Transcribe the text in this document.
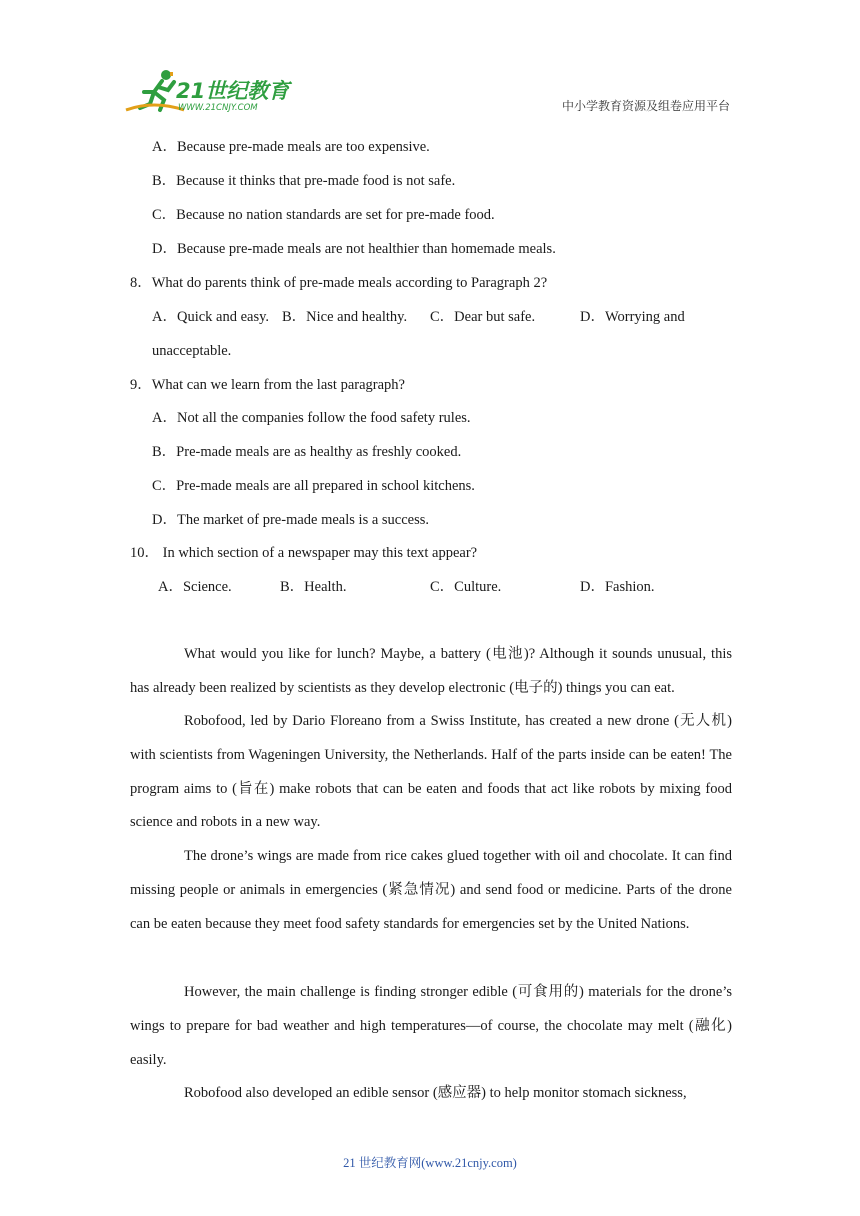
21世纪教育
WWW.21CNJY.COM	中小学教育资源及组卷应用平台
A．Because pre-made meals are too expensive.
B．Because it thinks that pre-made food is not safe.
C．Because no nation standards are set for pre-made food.
D．Because pre-made meals are not healthier than homemade meals.
8．What do parents think of pre-made meals according to Paragraph 2?
A．Quick and easy. B．Nice and healthy. C．Dear but safe.	D．Worrying and
unacceptable.
9．What can we learn from the last paragraph?
A．Not all the companies follow the food safety rules.
B．Pre-made meals are as healthy as freshly cooked.
C．Pre-made meals are all prepared in school kitchens.
D．The market of pre-made meals is a success.
10． In which section of a newspaper may this text appear?
A．Science.	B．Health.	C．Culture.	D．Fashion.

What would you like for lunch? Maybe, a battery (电池)? Although it sounds unusual, this has already been realized by scientists as they develop electronic (电子的) things you can eat.

Robofood, led by Dario Floreano from a Swiss Institute, has created a new drone (无人机) with scientists from Wageningen University, the Netherlands. Half of the parts inside can be eaten! The program aims to (旨在) make robots that can be eaten and foods that act like robots by mixing food science and robots in a new way.

The drone’s wings are made from rice cakes glued together with oil and chocolate. It can find missing people or animals in emergencies (紧急情况) and send food or medicine. Parts of the drone can be eaten because they meet food safety standards for emergencies set by the United Nations.

However, the main challenge is finding stronger edible (可食用的) materials for the drone’s wings to prepare for bad weather and high temperatures—of course, the chocolate may melt (融化) easily.

Robofood also developed an edible sensor (感应器) to help monitor stomach sickness,

21 世纪教育网(www.21cnjy.com)
